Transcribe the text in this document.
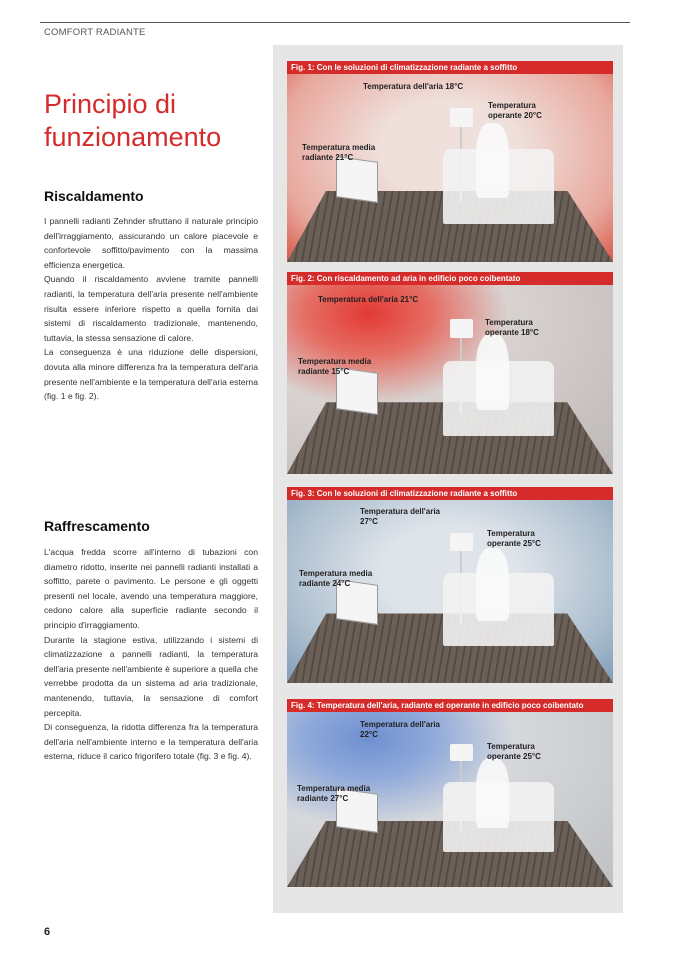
COMFORT RADIANTE
Principio di funzionamento
Riscaldamento

I pannelli radianti Zehnder sfruttano il naturale principio dell'irraggiamento, assicurando un calore piacevole e confortevole soffitto/pavimento con la massima efficienza energetica.

Quando il riscaldamento avviene tramite pannelli radianti, la temperatura dell'aria presente nell'ambiente risulta essere inferiore rispetto a quella fornita dai sistemi di riscaldamento tradizionale, mantenendo, tuttavia, la stessa sensazione di calore.

La conseguenza è una riduzione delle dispersioni, dovuta alla minore differenza fra la temperatura dell'aria presente nell'ambiente e la temperatura dell'aria esterna (fig. 1 e fig. 2).

Raffrescamento

L'acqua fredda scorre all'interno di tubazioni con diametro ridotto, inserite nei pannelli radianti installati a soffitto, parete o pavimento. Le persone e gli oggetti presenti nel locale, avendo una temperatura maggiore, cedono calore alla superficie radiante secondo il principio d'irraggiamento.

Durante la stagione estiva, utilizzando i sistemi di climatizzazione a pannelli radianti, la temperatura dell'aria presente nell'ambiente è superiore a quella che verrebbe prodotta da un sistema ad aria tradizionale, mantenendo, tuttavia, la sensazione di comfort percepita.

Di conseguenza, la ridotta differenza fra la temperatura dell'aria nell'ambiente interno e la temperatura dell'aria esterna, riduce il carico frigorifero totale (fig. 3 e fig. 4).

Fig. 1: Con le soluzioni di climatizzazione radiante a soffitto
Temperatura dell'aria 18°C
Temperatura operante 20°C
Temperatura media radiante 21°C
Fig. 2: Con riscaldamento ad aria in edificio poco coibentato
Temperatura dell'aria 21°C
Temperatura operante 18°C
Temperatura media radiante 15°C
Fig. 3: Con le soluzioni di climatizzazione radiante a soffitto
Temperatura dell'aria 27°C
Temperatura operante 25°C
Temperatura media radiante 24°C
Fig. 4: Temperatura dell'aria, radiante ed operante in edificio poco coibentato
Temperatura dell'aria 22°C
Temperatura operante 25°C
Temperatura media radiante 27°C
6
